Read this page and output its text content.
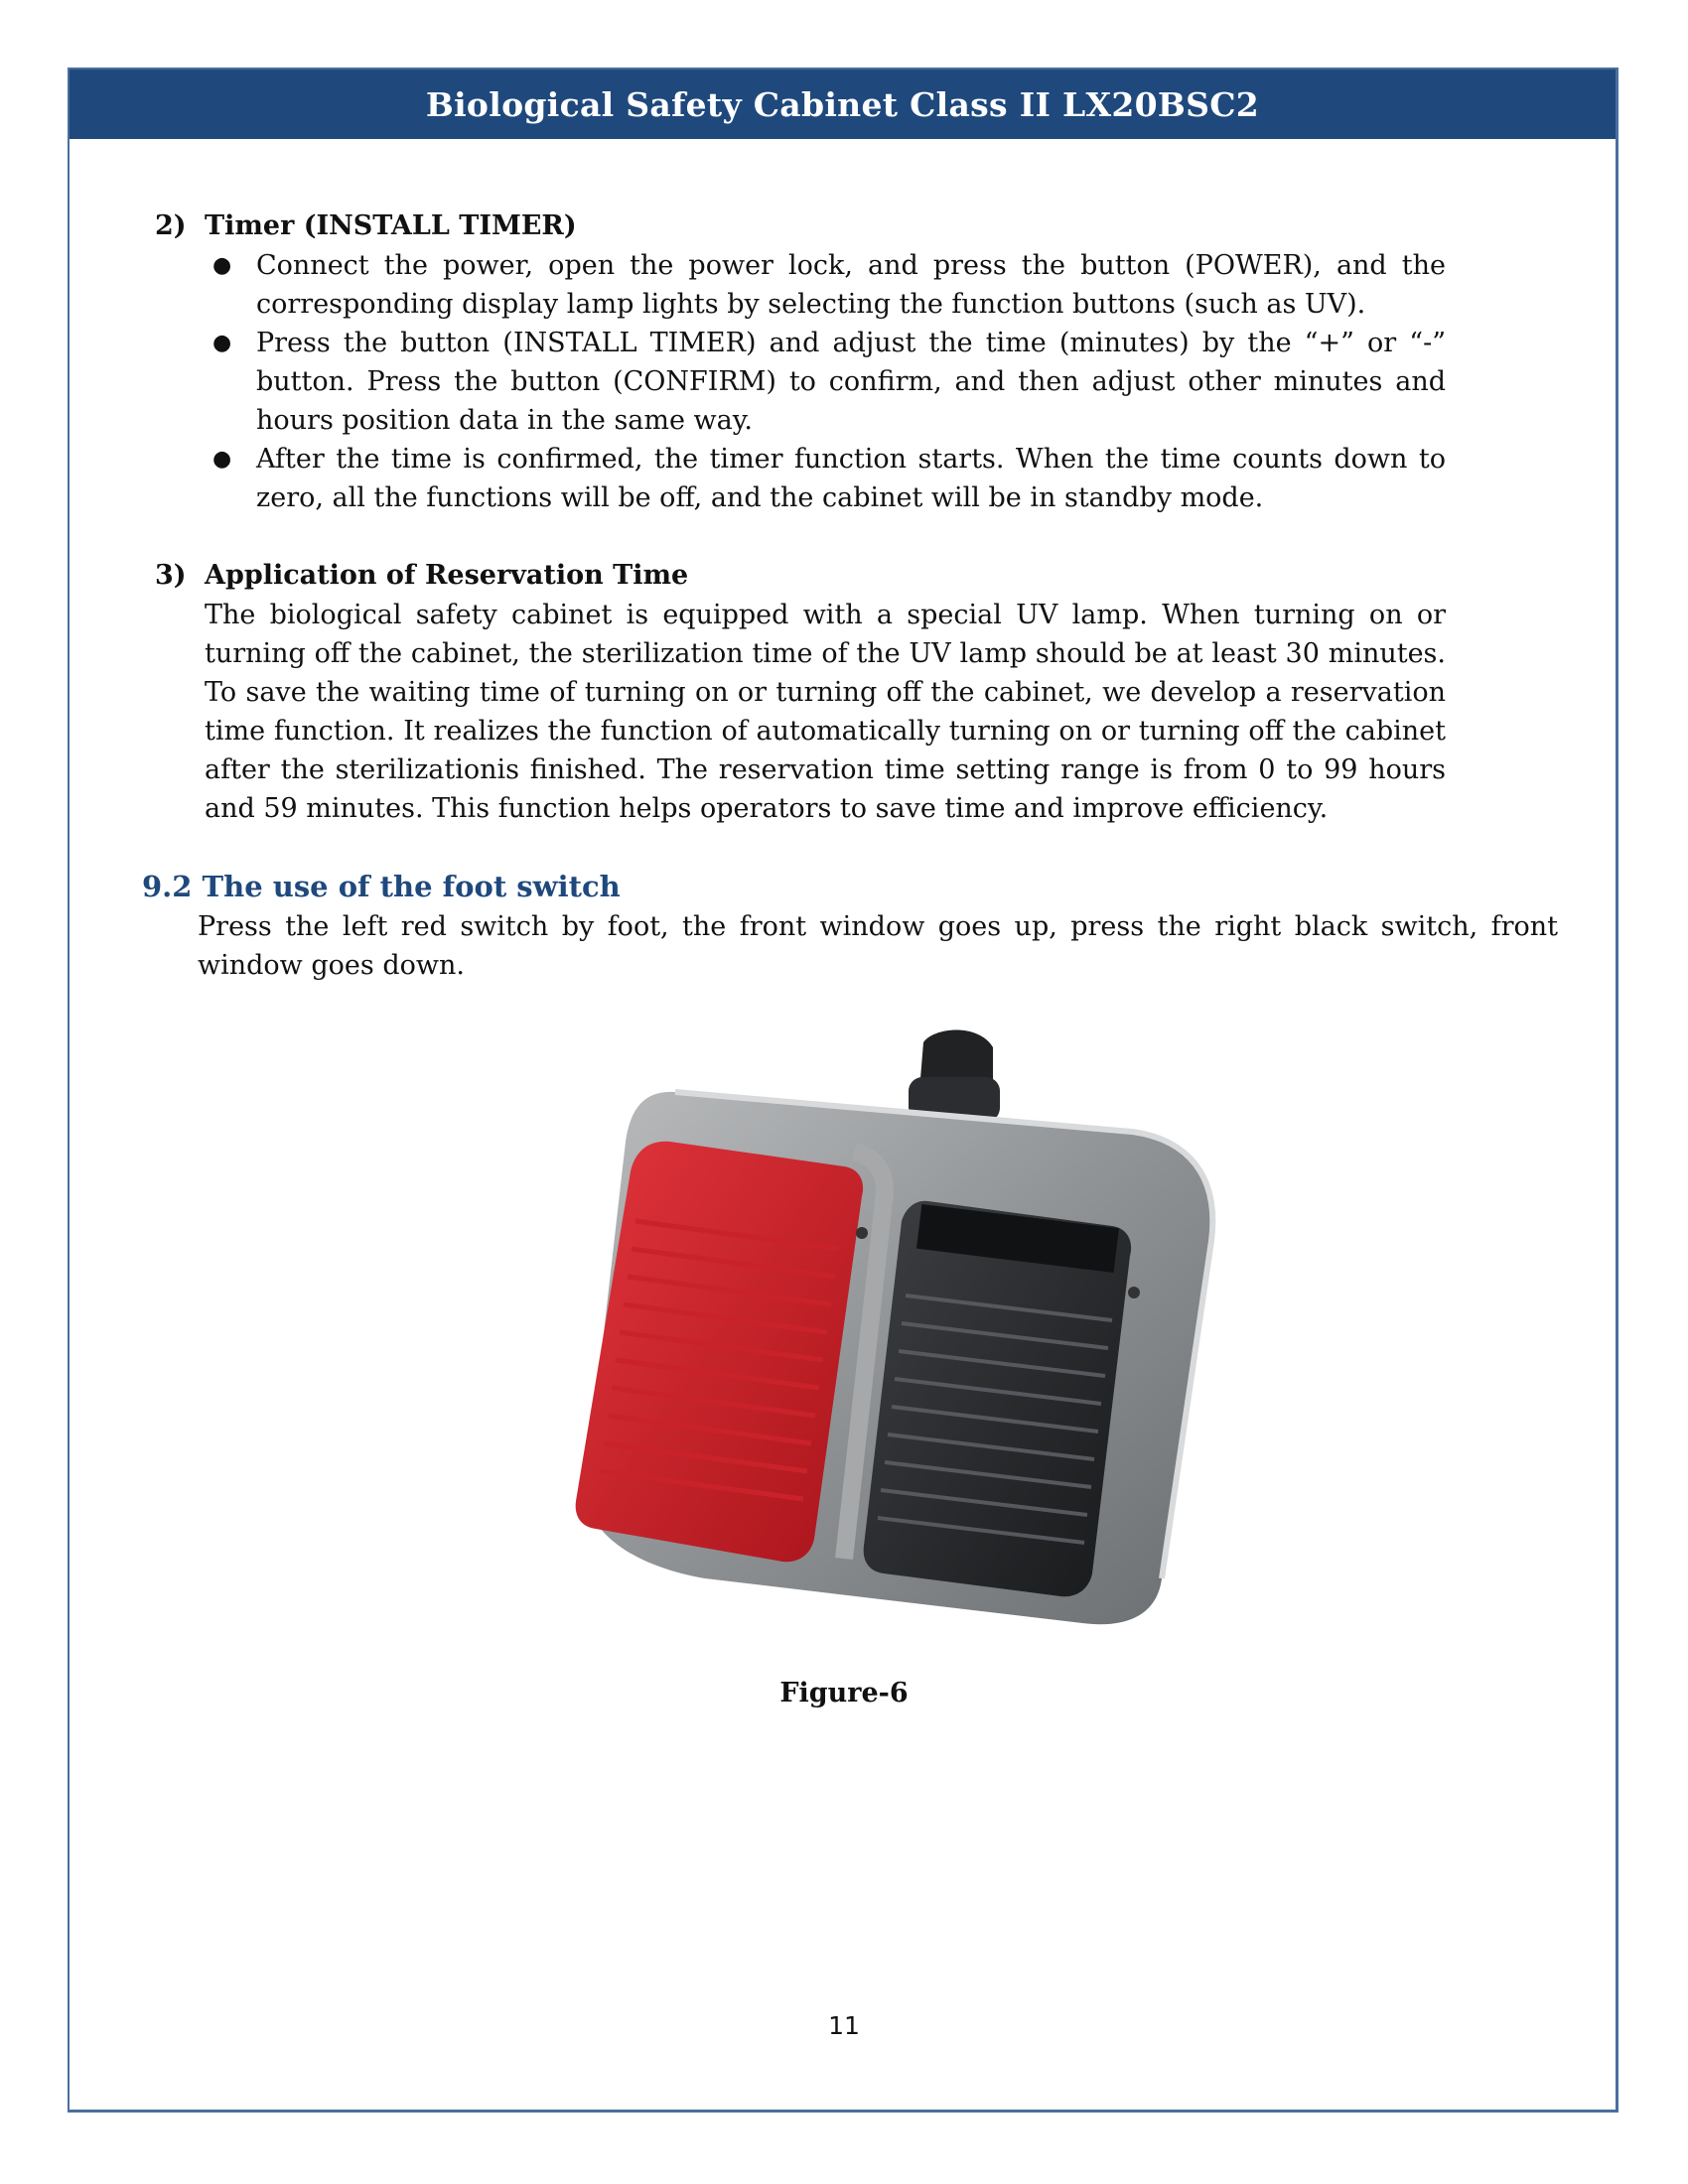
Biological Safety Cabinet Class II LX20BSC2
2) Timer (INSTALL TIMER)
● Connect the power, open the power lock, and press the button (POWER), and the corresponding display lamp lights by selecting the function buttons (such as UV).
● Press the button (INSTALL TIMER) and adjust the time (minutes) by the “+” or “-” button. Press the button (CONFIRM) to confirm, and then adjust other minutes and hours position data in the same way.
● After the time is confirmed, the timer function starts. When the time counts down to zero, all the functions will be off, and the cabinet will be in standby mode.
3) Application of Reservation Time
The biological safety cabinet is equipped with a special UV lamp. When turning on or turning off the cabinet, the sterilization time of the UV lamp should be at least 30 minutes. To save the waiting time of turning on or turning off the cabinet, we develop a reservation time function. It realizes the function of automatically turning on or turning off the cabinet after the sterilizationis finished. The reservation time setting range is from 0 to 99 hours and 59 minutes. This function helps operators to save time and improve efficiency.
9.2 The use of the foot switch
Press the left red switch by foot, the front window goes up, press the right black switch, front window goes down.
Figure-6
11
